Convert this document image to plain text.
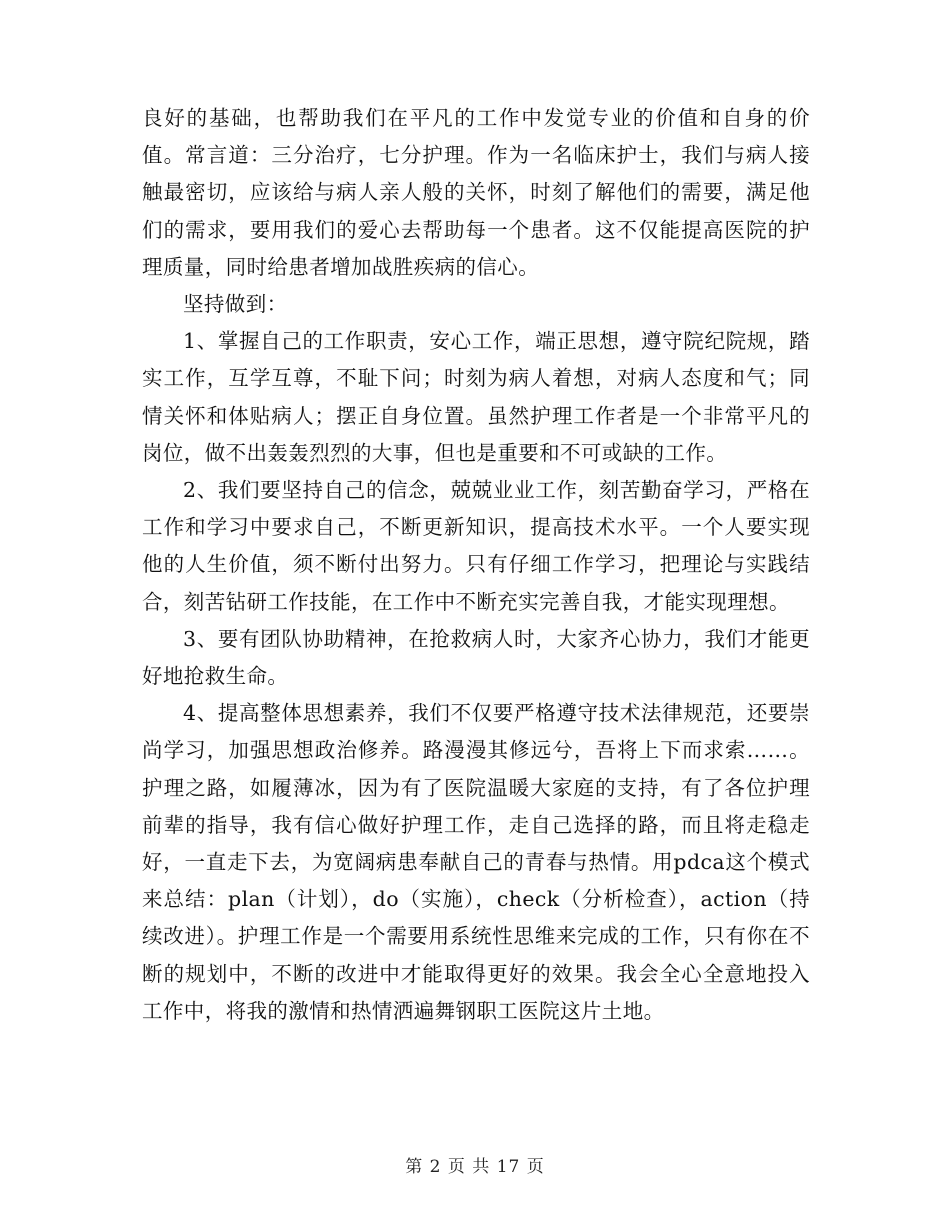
良好的基础，也帮助我们在平凡的工作中发觉专业的价值和自身的价值。常言道：三分治疗，七分护理。作为一名临床护士，我们与病人接触最密切，应该给与病人亲人般的关怀，时刻了解他们的需要，满足他们的需求，要用我们的爱心去帮助每一个患者。这不仅能提高医院的护理质量，同时给患者增加战胜疾病的信心。

坚持做到：

1、掌握自己的工作职责，安心工作，端正思想，遵守院纪院规，踏实工作，互学互尊，不耻下问；时刻为病人着想，对病人态度和气；同情关怀和体贴病人；摆正自身位置。虽然护理工作者是一个非常平凡的岗位，做不出轰轰烈烈的大事，但也是重要和不可或缺的工作。

2、我们要坚持自己的信念，兢兢业业工作，刻苦勤奋学习，严格在工作和学习中要求自己，不断更新知识，提高技术水平。一个人要实现他的人生价值，须不断付出努力。只有仔细工作学习，把理论与实践结合，刻苦钻研工作技能，在工作中不断充实完善自我，才能实现理想。

3、要有团队协助精神，在抢救病人时，大家齐心协力，我们才能更好地抢救生命。

4、提高整体思想素养，我们不仅要严格遵守技术法律规范，还要崇尚学习，加强思想政治修养。路漫漫其修远兮，吾将上下而求索……。护理之路，如履薄冰，因为有了医院温暖大家庭的支持，有了各位护理前辈的指导，我有信心做好护理工作，走自己选择的路，而且将走稳走好，一直走下去，为宽阔病患奉献自己的青春与热情。用pdca这个模式来总结：plan（计划），do（实施），check（分析检查），action（持续改进）。护理工作是一个需要用系统性思维来完成的工作，只有你在不断的规划中，不断的改进中才能取得更好的效果。我会全心全意地投入工作中，将我的激情和热情洒遍舞钢职工医院这片土地。

第 2 页 共 17 页
